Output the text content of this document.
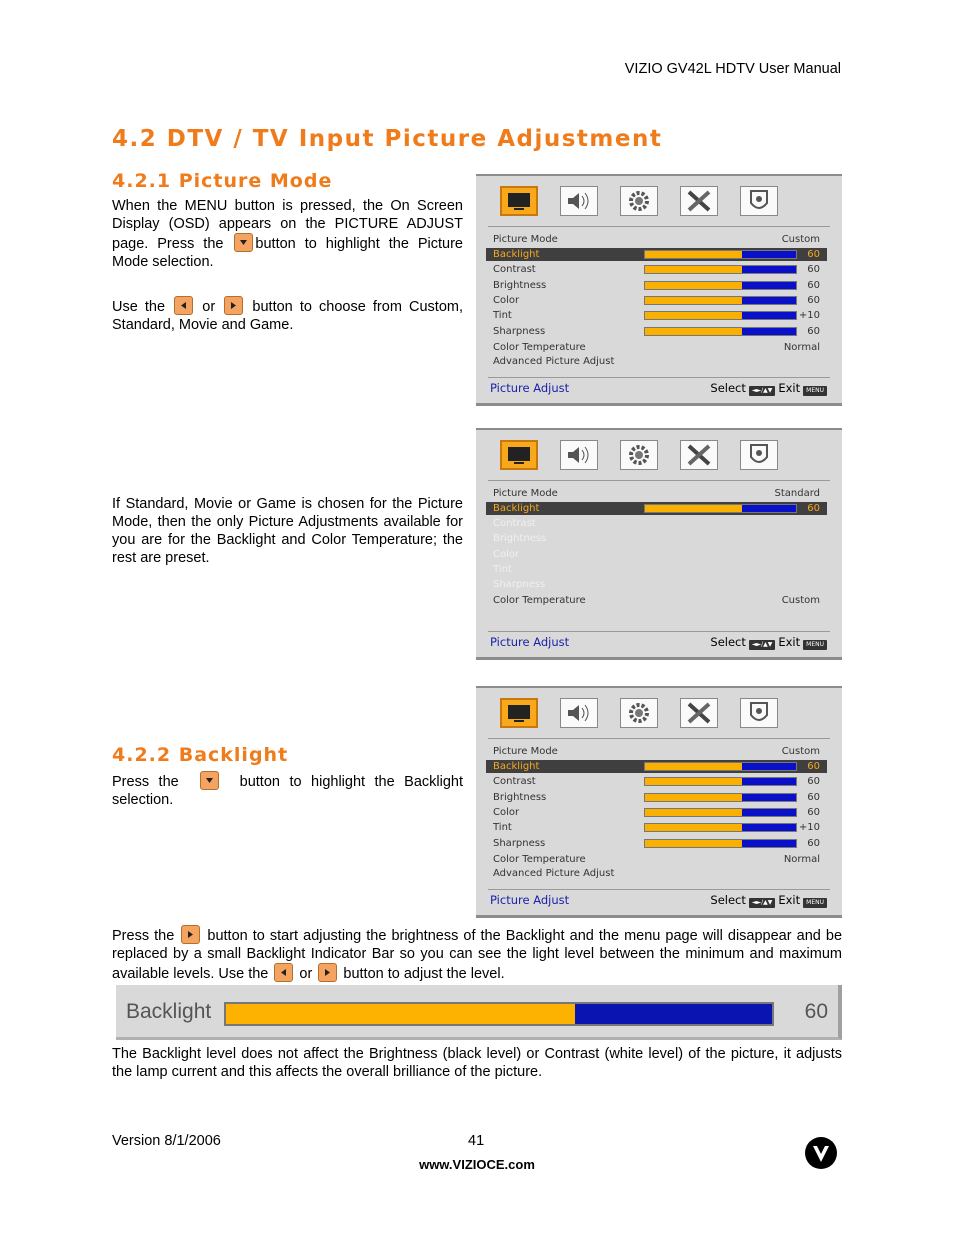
VIZIO GV42L HDTV User Manual
4.2 DTV / TV Input Picture Adjustment
4.2.1 Picture Mode
When the MENU button is pressed, the On Screen Display (OSD) appears on the PICTURE ADJUST page. Press the
button to highlight the Picture Mode selection.
Use the
or
button to choose from Custom, Standard, Movie and Game.
If Standard, Movie or Game is chosen for the Picture Mode, then the only Picture Adjustments available for you are for the Backlight and Color Temperature; the rest are preset.
Picture Mode	Custom
Backlight	60
Contrast	60
Brightness	60
Color	60
Tint	+10
Sharpness	60
Color Temperature	Normal
Advanced Picture Adjust
Picture Adjust	Select ◄►/▲▼ Exit MENU
Picture Mode	Standard
Backlight	60
Contrast
Brightness
Color
Tint
Sharpness
Color Temperature	Custom
Picture Adjust	Select ◄►/▲▼ Exit MENU
4.2.2 Backlight
Press the	button to highlight the Backlight selection.
Picture Mode	Custom
Backlight	60
Contrast	60
Brightness	60
Color	60
Tint	+10
Sharpness	60
Color Temperature	Normal
Advanced Picture Adjust
Picture Adjust	Select ◄►/▲▼ Exit MENU
Press the
button to start adjusting the brightness of the Backlight and the menu page will disappear and be replaced by a small Backlight Indicator Bar so you can see the light level between the minimum and maximum available levels. Use the
or
button to adjust the level.
Backlight	60
The Backlight level does not affect the Brightness (black level) or Contrast (white level) of the picture, it adjusts the lamp current and this affects the overall brilliance of the picture.
Version 8/1/2006	41
www.VIZIOCE.com
